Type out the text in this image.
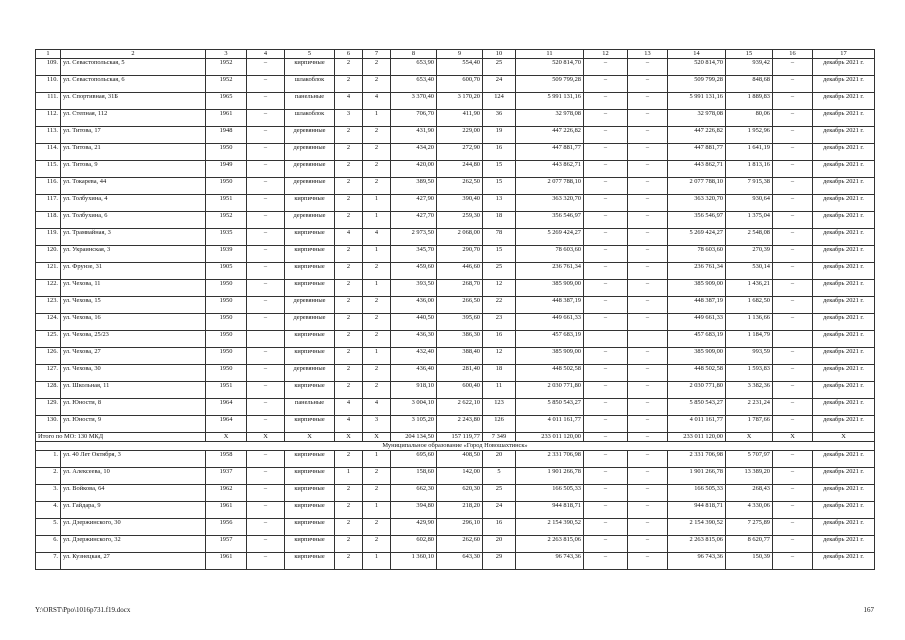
1	2	3	4	5	6	7	8	9	10	11	12	13	14	15	16	17
109.	ул. Севастопольская, 5	1952	–	кирпичные	2	2	653,90	554,40	25	520 814,70	–	–	520 814,70	939,42	–	декабрь 2021 г.
110.	ул. Севастопольская, 6	1952	–	шлакоблок	2	2	653,40	600,70	24	509 799,28	–	–	509 799,28	848,68	–	декабрь 2021 г.
111.	ул. Спортивная, 31Б	1965	–	панельные	4	4	3 370,40	3 170,20	124	5 991 131,16	–	–	5 991 131,16	1 889,83	–	декабрь 2021 г.
112.	ул. Степная, 112	1961	–	шлакоблок	3	1	706,70	411,90	36	32 978,08	–	–	32 978,08	80,06	–	декабрь 2021 г.
113.	ул. Титова, 17	1948	–	деревянные	2	2	431,90	229,00	19	447 226,82	–	–	447 226,82	1 952,96	–	декабрь 2021 г.
114.	ул. Титова, 21	1950	–	деревянные	2	2	434,20	272,90	16	447 881,77	–	–	447 881,77	1 641,19	–	декабрь 2021 г.
115.	ул. Титова, 9	1949	–	деревянные	2	2	420,00	244,80	15	443 862,71	–	–	443 862,71	1 813,16	–	декабрь 2021 г.
116.	ул. Токарева, 44	1950	–	деревянные	2	2	389,50	262,50	15	2 077 788,10	–	–	2 077 788,10	7 915,38	–	декабрь 2021 г.
117.	ул. Толбухина, 4	1951	–	кирпичные	2	1	427,90	390,40	13	363 320,70	–	–	363 320,70	930,64	–	декабрь 2021 г.
118.	ул. Толбухина, 6	1952	–	деревянные	2	1	427,70	259,30	18	356 546,97	–	–	356 546,97	1 375,04	–	декабрь 2021 г.
119.	ул. Трамвайная, 3	1935	–	кирпичные	4	4	2 973,50	2 068,00	78	5 269 424,27	–	–	5 269 424,27	2 548,08	–	декабрь 2021 г.
120.	ул. Украинская, 3	1939	–	кирпичные	2	1	345,70	290,70	15	78 603,60	–	–	78 603,60	270,39	–	декабрь 2021 г.
121.	ул. Фрунзе, 31	1905	–	кирпичные	2	2	459,60	446,60	25	236 761,34	–	–	236 761,34	530,14	–	декабрь 2021 г.
122.	ул. Чехова, 11	1950	–	кирпичные	2	1	393,50	268,70	12	385 909,00	–	–	385 909,00	1 436,21	–	декабрь 2021 г.
123.	ул. Чехова, 15	1950	–	деревянные	2	2	436,00	266,50	22	448 387,19	–	–	448 387,19	1 682,50	–	декабрь 2021 г.
124.	ул. Чехова, 16	1950	–	деревянные	2	2	440,50	395,60	23	449 661,33	–	–	449 661,33	1 136,66	–	декабрь 2021 г.
125.	ул. Чехова, 25/23	1950		кирпичные	2	2	436,30	386,30	16	457 683,19			457 683,19	1 184,79		декабрь 2021 г.
126.	ул. Чехова, 27	1950	–	кирпичные	2	1	432,40	388,40	12	385 909,00	–	–	385 909,00	993,59	–	декабрь 2021 г.
127.	ул. Чехова, 30	1950	–	деревянные	2	2	436,40	281,40	18	448 502,58	–	–	448 502,58	1 593,83	–	декабрь 2021 г.
128.	ул. Школьная, 11	1951	–	кирпичные	2	2	918,10	600,40	11	2 030 771,80	–	–	2 030 771,80	3 382,36	–	декабрь 2021 г.
129.	ул. Юности, 8	1964	–	панельные	4	4	3 004,10	2 622,10	123	5 850 543,27	–	–	5 850 543,27	2 231,24	–	декабрь 2021 г.
130.	ул. Юности, 9	1964	–	кирпичные	4	3	3 105,20	2 243,80	126	4 011 161,77	–	–	4 011 161,77	1 787,66	–	декабрь 2021 г.
Итого по МО: 130 МКД		X	X	X	X	X	204 134,50	157 119,77	7 349	233 011 120,00	–	–	233 011 120,00	X	X	X
Муниципальное образование «Город Новошахтинск»																
1.	ул. 40 Лет Октября, 3	1958	–	кирпичные	2	1	695,60	408,50	20	2 331 706,98	–	–	2 331 706,98	5 707,97	–	декабрь 2021 г.
2.	ул. Алексеева, 10	1937	–	кирпичные	1	2	158,60	142,00	5	1 901 266,78	–	–	1 901 266,78	13 389,20	–	декабрь 2021 г.
3.	ул. Войкова, 64	1962	–	кирпичные	2	2	662,30	620,30	25	166 505,33	–	–	166 505,33	268,43	–	декабрь 2021 г.
4.	ул. Гайдара, 9	1961	–	кирпичные	2	1	394,80	218,20	24	944 818,71	–	–	944 818,71	4 330,06	–	декабрь 2021 г.
5.	ул. Дзержинского, 30	1956	–	кирпичные	2	2	429,90	296,10	16	2 154 390,52	–	–	2 154 390,52	7 275,89	–	декабрь 2021 г.
6.	ул. Дзержинского, 32	1957	–	кирпичные	2	2	602,80	262,60	20	2 263 815,06	–	–	2 263 815,06	8 620,77	–	декабрь 2021 г.
7.	ул. Кузнецкая, 27	1961	–	кирпичные	2	1	1 360,10	643,30	29	96 743,36	–	–	96 743,36	150,39	–	декабрь 2021 г.
Y:\ORST\Ppo\1016p731.f19.docx	167
